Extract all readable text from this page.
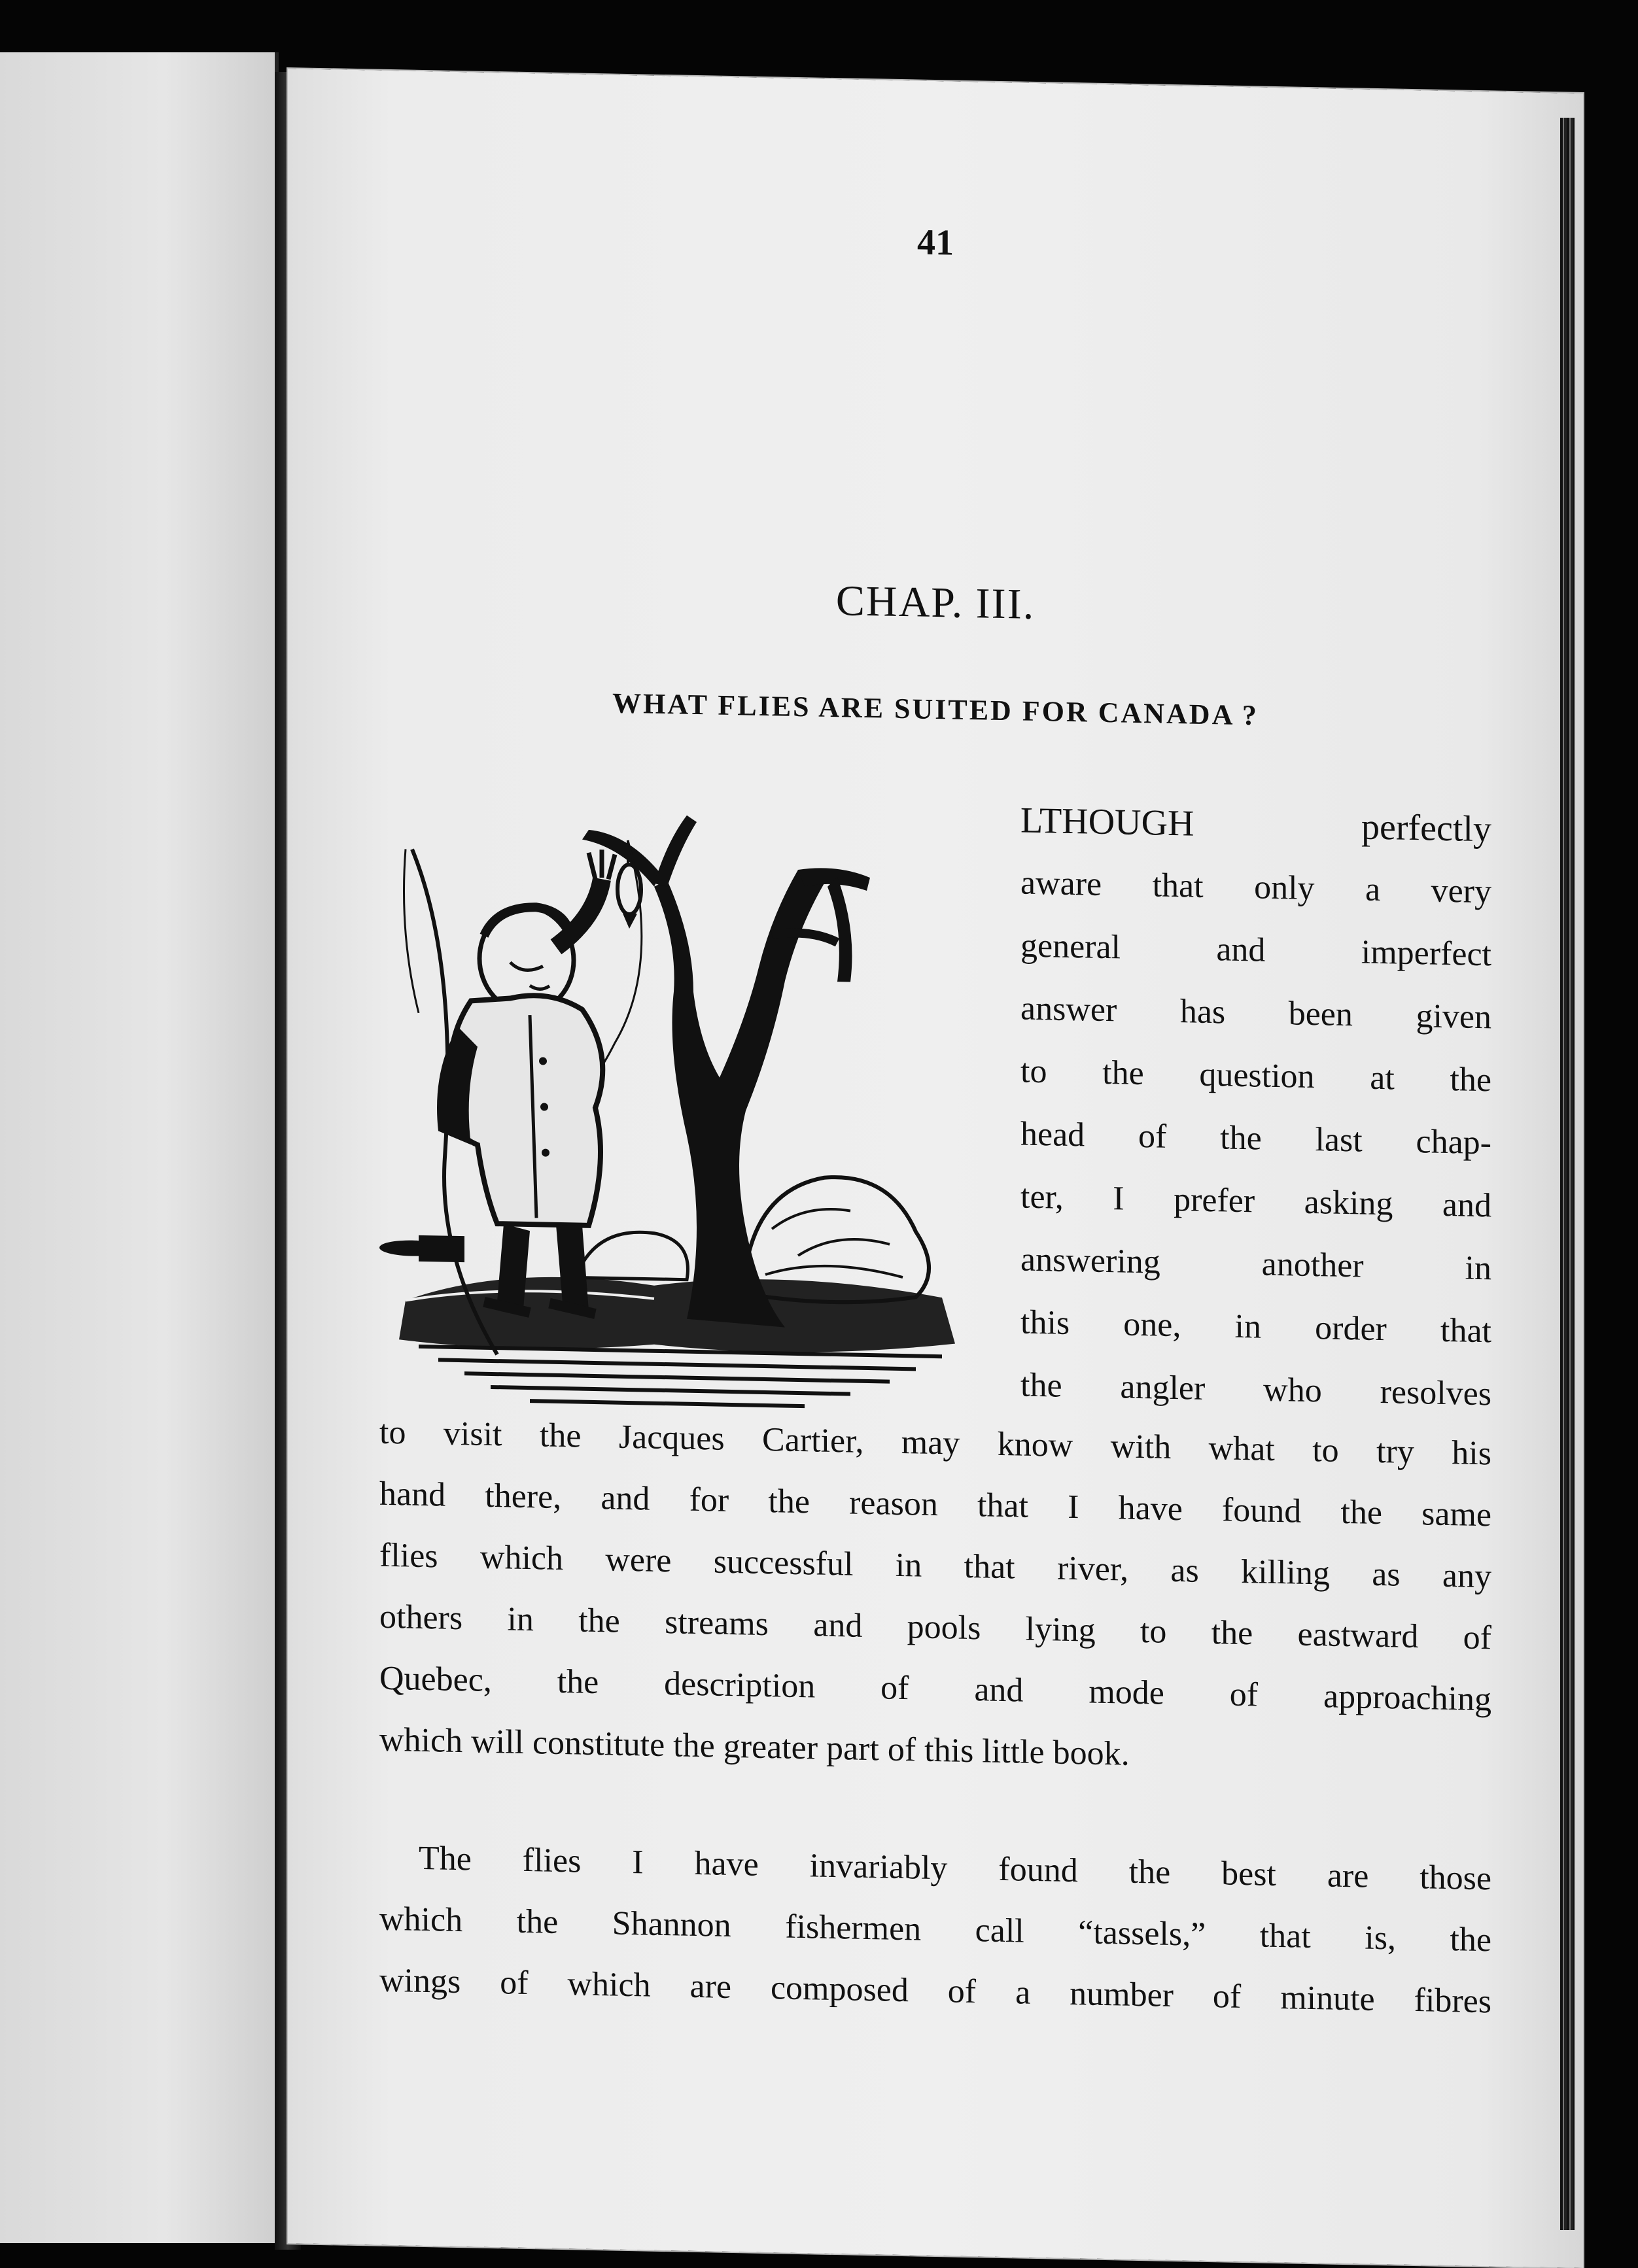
41
CHAP. III.
WHAT FLIES ARE SUITED FOR CANADA ?
LTHOUGH perfectly
aware that only a very
general and imperfect
answer has been given
to the question at the
head of the last chap-
ter, I prefer asking and
answering another in
this one, in order that
the angler who resolves
to visit the Jacques Cartier, may know with what to try his
hand there, and for the reason that I have found the same
flies which were successful in that river, as killing as any
others in the streams and pools lying to the eastward of
Quebec, the description of and mode of approaching
which will constitute the greater part of this little book.
The flies I have invariably found the best are those
which the Shannon fishermen call “tassels,” that is, the
wings of which are composed of a number of minute fibres
